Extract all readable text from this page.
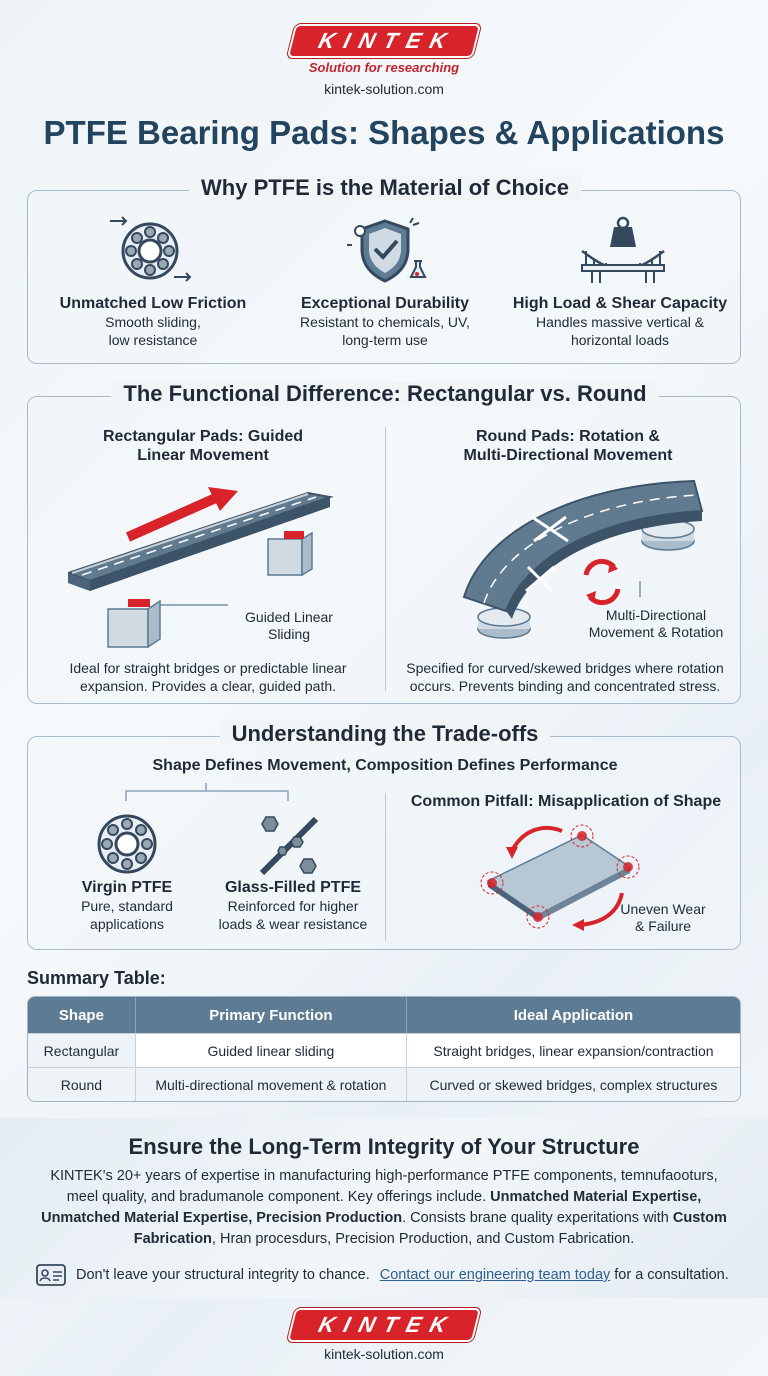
KINTEK
Solution for researching
kintek-solution.com
PTFE Bearing Pads: Shapes & Applications
Why PTFE is the Material of Choice
Unmatched Low Friction

Smooth sliding,

low resistance

Exceptional Durability

Resistant to chemicals, UV,

long-term use

High Load & Shear Capacity

Handles massive vertical &

horizontal loads

The Functional Difference: Rectangular vs. Round
Rectangular Pads: Guided
Linear Movement
Guided Linear
Sliding
Ideal for straight bridges or predictable linear
expansion. Provides a clear, guided path.
Round Pads: Rotation &
Multi-Directional Movement
Multi-Directional
Movement & Rotation
Specified for curved/skewed bridges where rotation
occurs. Prevents binding and concentrated stress.
Understanding the Trade-offs
Shape Defines Movement, Composition Defines Performance
Virgin PTFE

Pure, standard

applications

Glass-Filled PTFE

Reinforced for higher

loads & wear resistance

Common Pitfall: Misapplication of Shape
Uneven Wear
& Failure
Summary Table:
Shape	Primary Function	Ideal Application
Rectangular	Guided linear sliding	Straight bridges, linear expansion/contraction
Round	Multi-directional movement & rotation	Curved or skewed bridges, complex structures
Ensure the Long-Term Integrity of Your Structure
KINTEK's 20+ years of expertise in manufacturing high-performance PTFE components, temnufaooturs, meel quality, and bradumanole component. Key offerings include. Unmatched Material Expertise, Unmatched Material Expertise, Precision Production. Consists brane quality experitations with Custom Fabrication, Hran procesdurs, Precision Production, and Custom Fabrication.
Don't leave your structural integrity to chance. Contact our engineering team today for a consultation.
KINTEK
kintek-solution.com
